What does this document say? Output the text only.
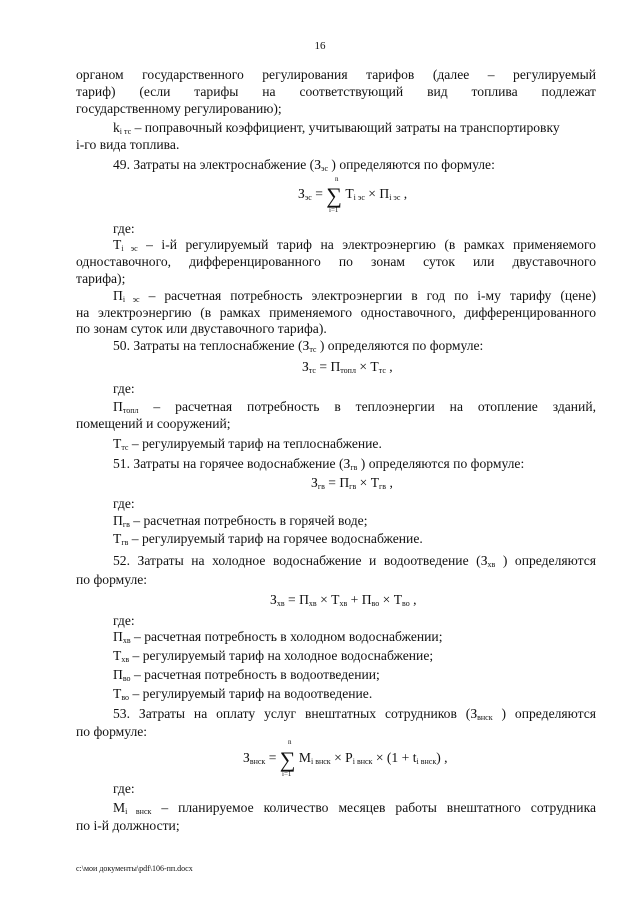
16
органом государственного регулирования тарифов (далее – регулируемый
тариф) (если тарифы на соответствующий вид топлива подлежат
государственному регулированию);
$k_{i тс}$ – поправочный коэффициент, учитывающий затраты на транспортировку
i-го вида топлива.
49. Затраты на электроснабжение ($З_{эс}$ ) определяются по формуле:
$З_{эс}$ = ∑ $Т_{i эс} \times П_{i эс}$ ,
n
i=1
где:
$Т_{i эс} - i-й$ регулируемый тариф на электроэнергию (в рамках применяемого
одноставочного, дифференцированного по зонам суток или двуставочного
тарифа);
$П_{i эс}$ – расчетная потребность электроэнергии в год по i-му тарифу (цене)
на электроэнергию (в рамках применяемого одноставочного, дифференцированного
по зонам суток или двуставочного тарифа).
50. Затраты на теплоснабжение ($З_{тс}$ ) определяются по формуле:
$З_{тс} = П_{топл} \times Т_{тс}$ ,
где:
$П_{топл}$ – расчетная потребность в теплоэнергии на отопление зданий,
помещений и сооружений;
$Т_{тс}$ – регулируемый тариф на теплоснабжение.
51. Затраты на горячее водоснабжение ($З_{гв}$ ) определяются по формуле:
$З_{гв} = П_{гв} \times Т_{гв}$ ,
где:
$П_{гв}$ – расчетная потребность в горячей воде;
$Т_{гв}$ – регулируемый тариф на горячее водоснабжение.
52. Затраты на холодное водоснабжение и водоотведение ($З_{хв}$ ) определяются
по формуле:
$З_{хв} = П_{хв} \times Т_{хв} + П_{во} \times Т_{во}$ ,
где:
$П_{хв}$ – расчетная потребность в холодном водоснабжении;
$Т_{хв}$ – регулируемый тариф на холодное водоснабжение;
$П_{во}$ – расчетная потребность в водоотведении;
$Т_{во}$ – регулируемый тариф на водоотведение.
53. Затраты на оплату услуг внештатных сотрудников ($З_{внск}$ ) определяются
по формуле:
$З_{внск}$ = ∑ $М_{i внск} \times Р_{i внск} \times (1 + t_{i внск})$ ,
n
i=1
где:
$М_{i внск}$ – планируемое количество месяцев работы внештатного сотрудника
по i-й должности;
c:\мои документы\pdf\106-пп.docx
